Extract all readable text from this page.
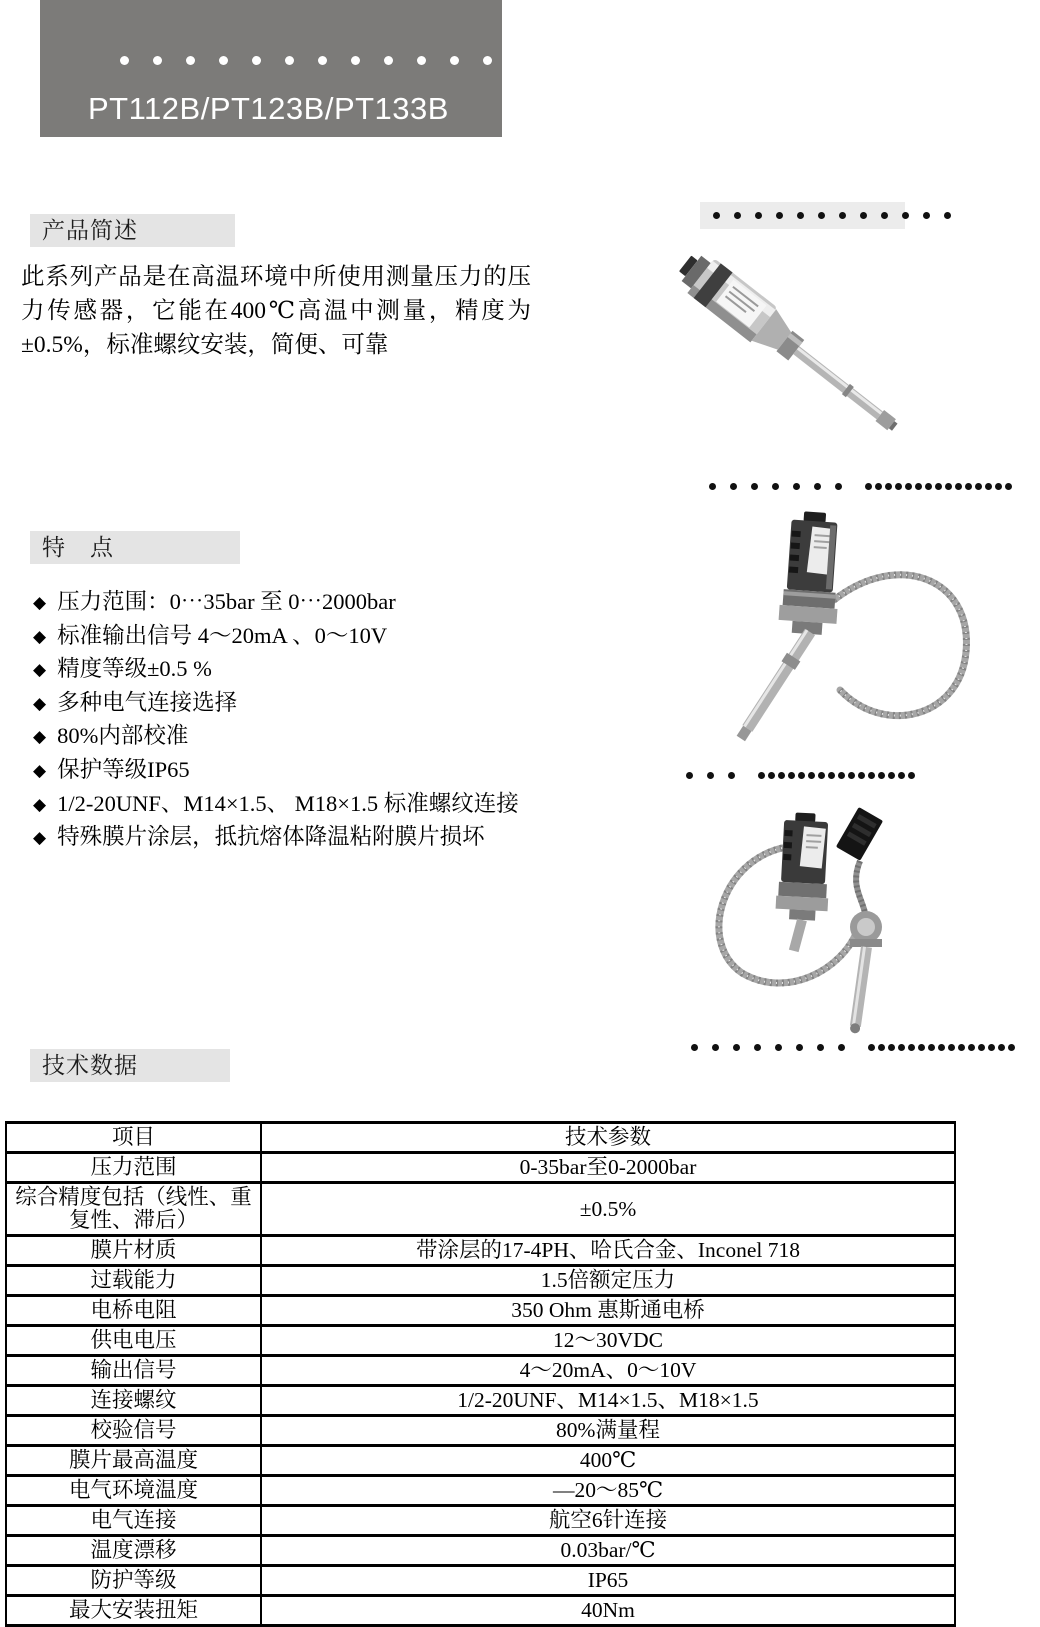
PT112B/PT123B/PT133B
产品简述
此系列产品是在高温环境中所使用测量压力的压力传感器，它能在400℃高温中测量，精度为±0.5%，标准螺纹安装，简便、可靠
特　点
◆ 压力范围：0⋯35bar 至 0⋯2000bar
◆ 标准输出信号 4～20mA 、0～10V
◆ 精度等级±0.5 %
◆ 多种电气连接选择
◆ 80%内部校准
◆ 保护等级IP65
◆ 1/2-20UNF、M14×1.5、 M18×1.5 标准螺纹连接
◆ 特殊膜片涂层，抵抗熔体降温粘附膜片损坏
技术数据
项目	技术参数
压力范围	0-35bar至0-2000bar
综合精度包括（线性、重复性、滞后）	±0.5%
膜片材质	带涂层的17-4PH、哈氏合金、Inconel 718
过载能力	1.5倍额定压力
电桥电阻	350 Ohm 惠斯通电桥
供电电压	12～30VDC
输出信号	4～20mA、0～10V
连接螺纹	1/2-20UNF、M14×1.5、M18×1.5
校验信号	80%满量程
膜片最高温度	400℃
电气环境温度	—20～85℃
电气连接	航空6针连接
温度漂移	0.03bar/℃
防护等级	IP65
最大安装扭矩	40Nm
